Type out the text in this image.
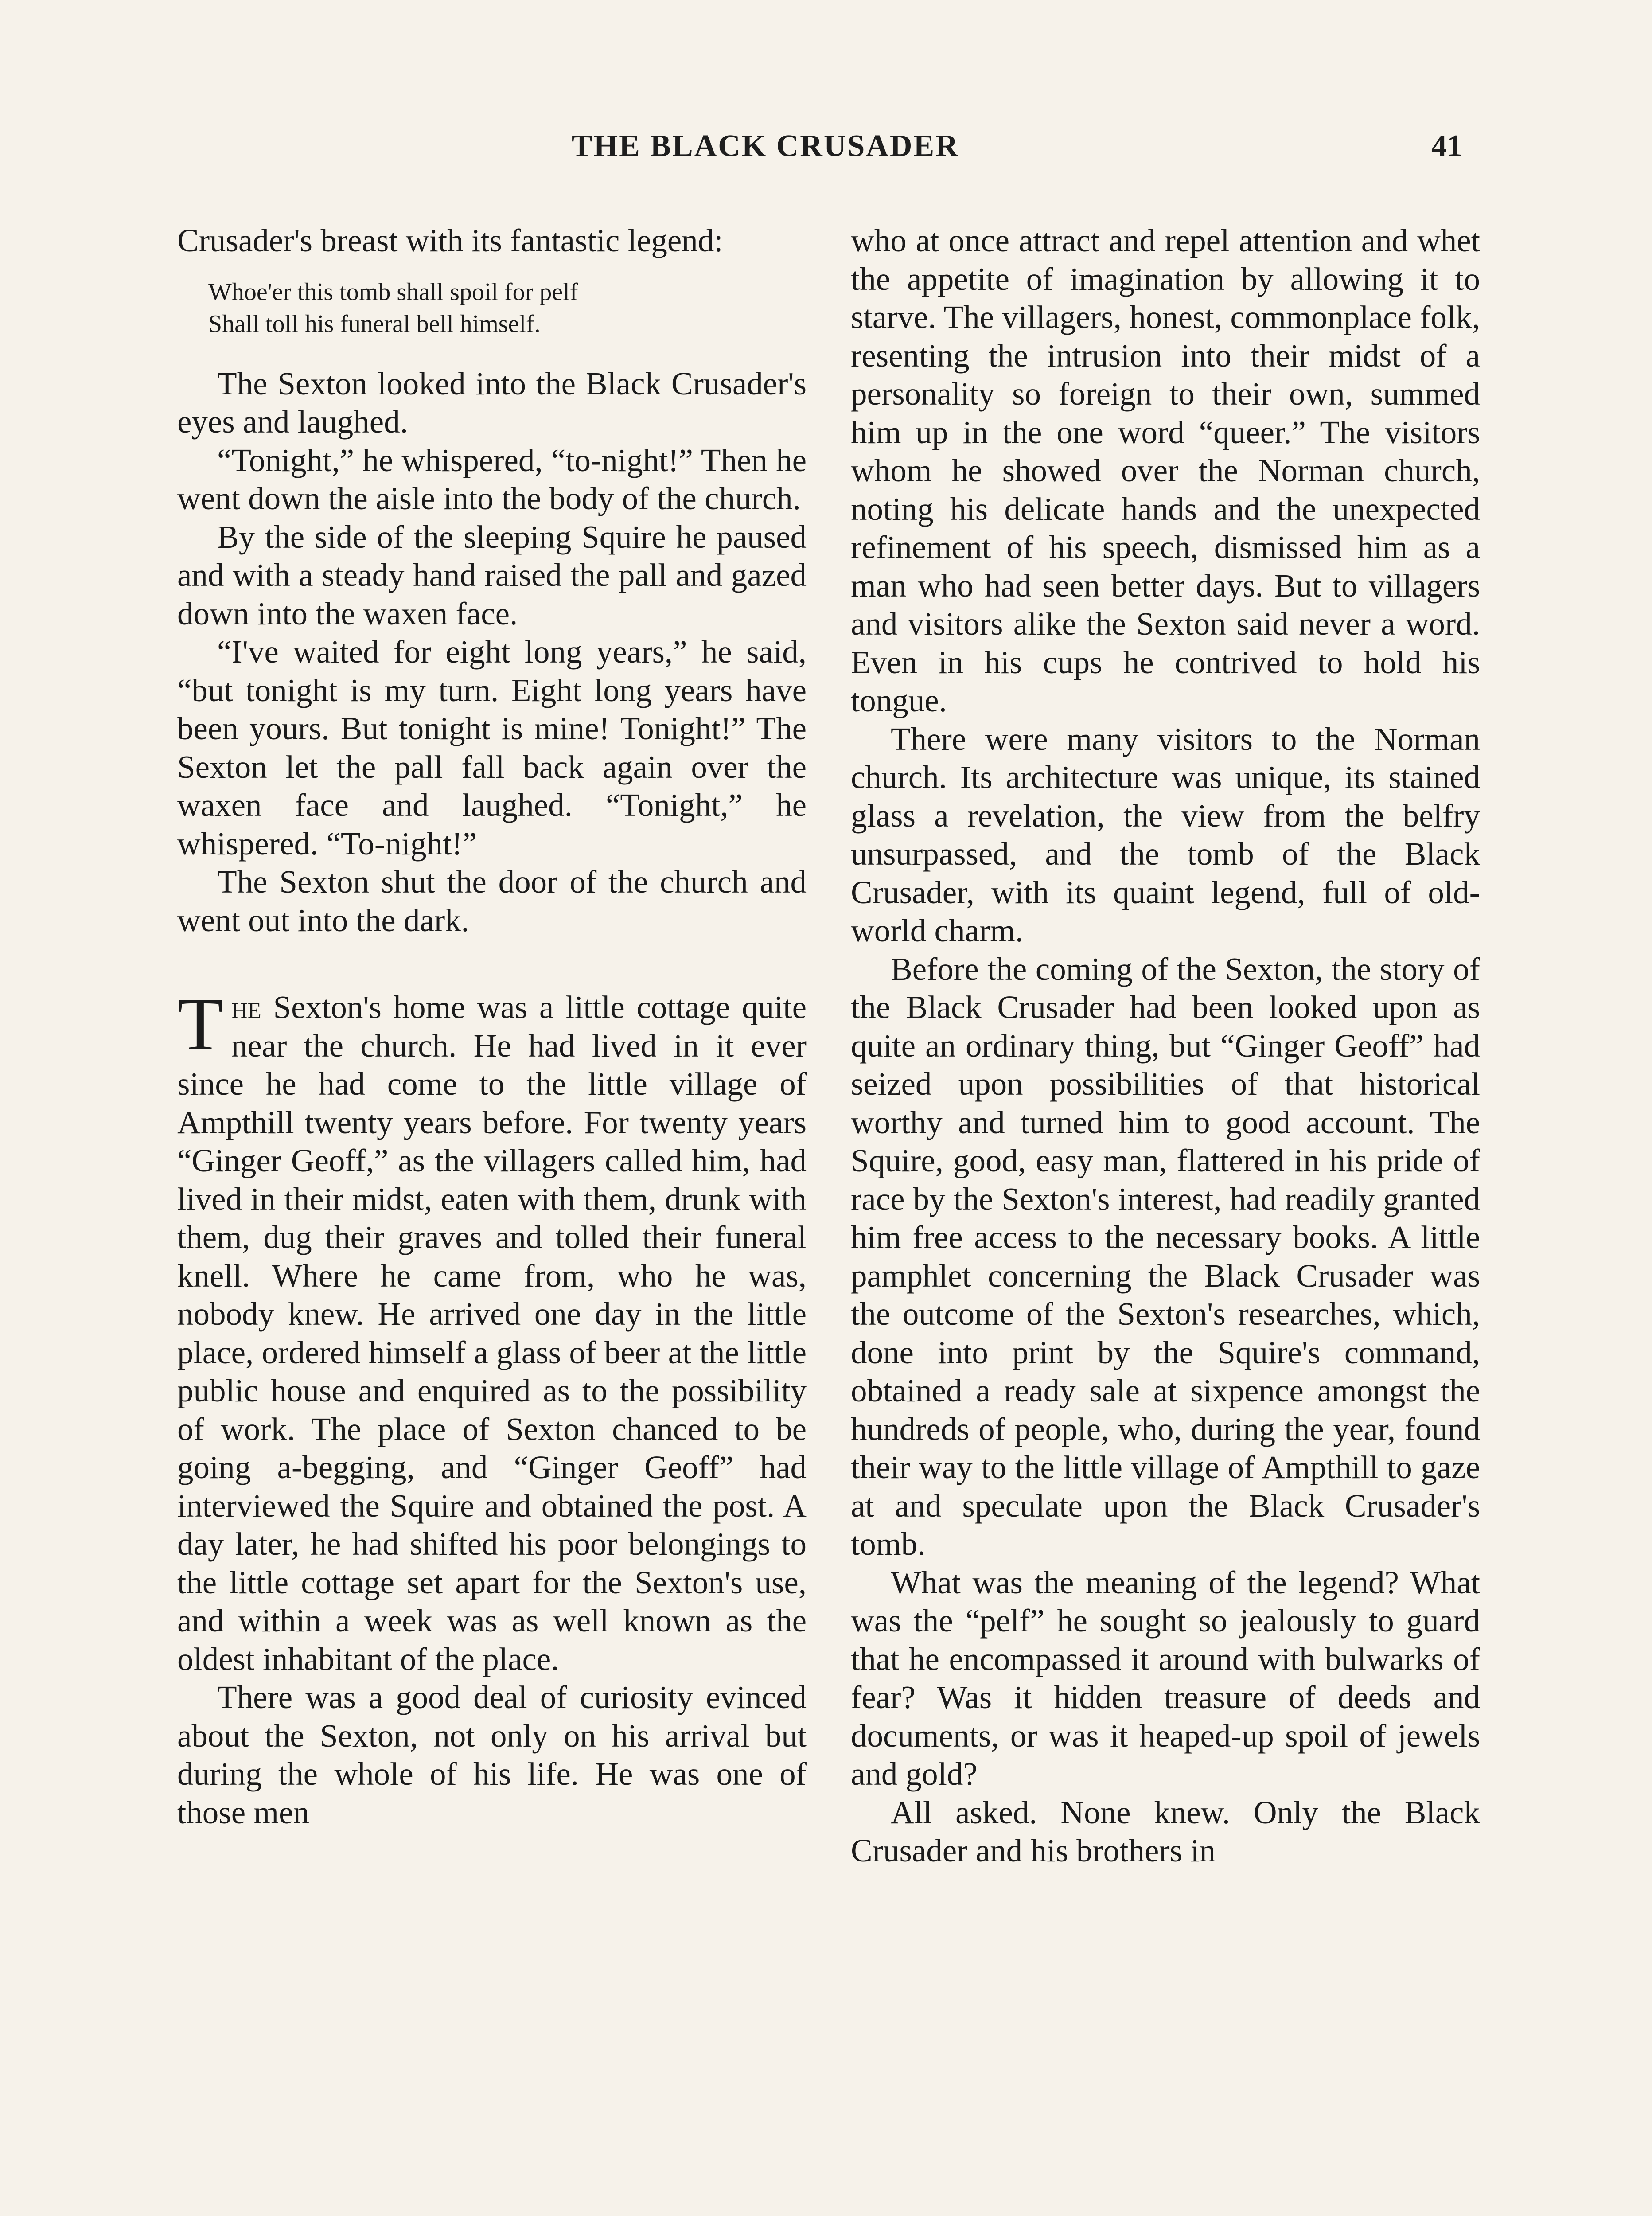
THE BLACK CRUSADER	41

Crusader's breast with its fantastic legend:

Whoe'er this tomb shall spoil for pelf
Shall toll his funeral bell himself.

The Sexton looked into the Black Crusader's eyes and laughed.

“Tonight,” he whispered, “to-night!” Then he went down the aisle into the body of the church.

By the side of the sleeping Squire he paused and with a steady hand raised the pall and gazed down into the waxen face.

“I've waited for eight long years,” he said, “but tonight is my turn. Eight long years have been yours. But tonight is mine! Tonight!” The Sexton let the pall fall back again over the waxen face and laughed. “Tonight,” he whispered. “To-night!”

The Sexton shut the door of the church and went out into the dark.

The Sexton's home was a little cottage quite near the church. He had lived in it ever since he had come to the little village of Ampthill twenty years before. For twenty years “Ginger Geoff,” as the villagers called him, had lived in their midst, eaten with them, drunk with them, dug their graves and tolled their funeral knell. Where he came from, who he was, nobody knew. He arrived one day in the little place, ordered himself a glass of beer at the little public house and enquired as to the possibility of work. The place of Sexton chanced to be going a-begging, and “Ginger Geoff” had interviewed the Squire and obtained the post. A day later, he had shifted his poor belongings to the little cottage set apart for the Sexton's use, and within a week was as well known as the oldest inhabitant of the place.

There was a good deal of curiosity evinced about the Sexton, not only on his arrival but during the whole of his life. He was one of those men

who at once attract and repel attention and whet the appetite of imagination by allowing it to starve. The villagers, honest, commonplace folk, resenting the intrusion into their midst of a personality so foreign to their own, summed him up in the one word “queer.” The visitors whom he showed over the Norman church, noting his delicate hands and the unexpected refinement of his speech, dismissed him as a man who had seen better days. But to villagers and visitors alike the Sexton said never a word. Even in his cups he contrived to hold his tongue.

There were many visitors to the Norman church. Its architecture was unique, its stained glass a revelation, the view from the belfry unsurpassed, and the tomb of the Black Crusader, with its quaint legend, full of old-world charm.

Before the coming of the Sexton, the story of the Black Crusader had been looked upon as quite an ordinary thing, but “Ginger Geoff” had seized upon possibilities of that historical worthy and turned him to good account. The Squire, good, easy man, flattered in his pride of race by the Sexton's interest, had readily granted him free access to the necessary books. A little pamphlet concerning the Black Crusader was the outcome of the Sexton's researches, which, done into print by the Squire's command, obtained a ready sale at sixpence amongst the hundreds of people, who, during the year, found their way to the little village of Ampthill to gaze at and speculate upon the Black Crusader's tomb.

What was the meaning of the legend? What was the “pelf” he sought so jealously to guard that he encompassed it around with bulwarks of fear? Was it hidden treasure of deeds and documents, or was it heaped-up spoil of jewels and gold?

All asked. None knew. Only the Black Crusader and his brothers in
